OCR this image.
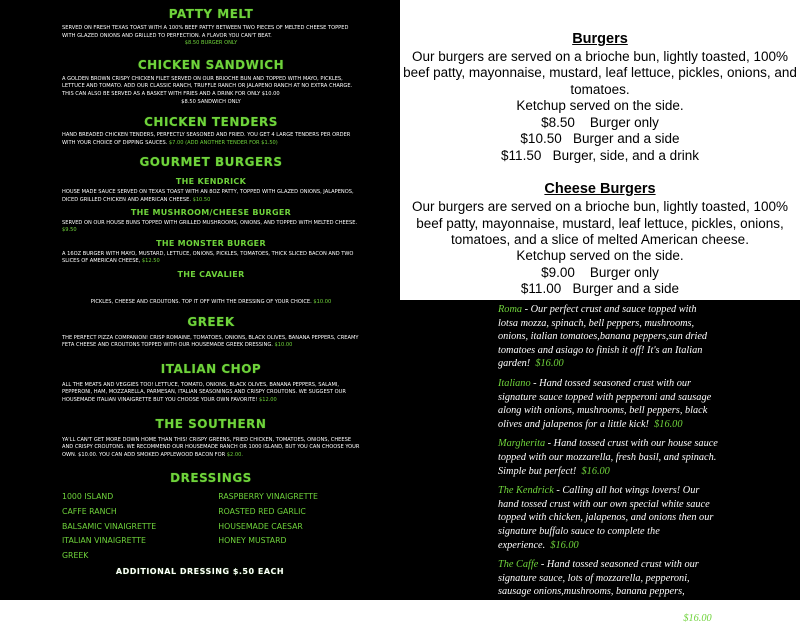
PATTY MELT
SERVED ON FRESH TEXAS TOAST WITH A 100% BEEF PATTY BETWEEN TWO PIECES OF MELTED CHEESE TOPPED WITH GLAZED ONIONS AND GRILLED TO PERFECTION. A FLAVOR YOU CAN'T BEAT.
$8.50 BURGER ONLY
CHICKEN SANDWICH
A GOLDEN BROWN CRISPY CHICKEN FILET SERVED ON OUR BRIOCHE BUN AND TOPPED WITH MAYO, PICKLES, LETTUCE AND TOMATO. ADD OUR CLASSIC RANCH, TRUFFLE RANCH OR JALAPENO RANCH AT NO EXTRA CHARGE. THIS CAN ALSO BE SERVED AS A BASKET WITH FRIES AND A DRINK FOR ONLY $10.00
$8.50 SANDWICH ONLY
CHICKEN TENDERS
HAND BREADED CHICKEN TENDERS, PERFECTLY SEASONED AND FRIED. YOU GET 4 LARGE TENDERS PER ORDER WITH YOUR CHOICE OF DIPPING SAUCES. $7.00 (ADD ANOTHER TENDER FOR $1.50)
GOURMET BURGERS
THE KENDRICK
HOUSE MADE SAUCE SERVED ON TEXAS TOAST WITH AN 8OZ PATTY, TOPPED WITH GLAZED ONIONS, JALAPENOS, DICED GRILLED CHICKEN AND AMERICAN CHEESE. $10.50
THE MUSHROOM/CHEESE BURGER
SERVED ON OUR HOUSE BUNS TOPPED WITH GRILLED MUSHROOMS, ONIONS, AND TOPPED WITH MELTED CHEESE. $9.50
THE MONSTER BURGER
A 16OZ BURGER WITH MAYO, MUSTARD, LETTUCE, ONIONS, PICKLES, TOMATOES, THICK SLICED BACON AND TWO SLICES OF AMERICAN CHEESE, $12.50
THE CAVALIER
Burgers

Our burgers are served on a brioche bun, lightly toasted, 100% beef patty, mayonnaise, mustard, leaf lettuce, pickles, onions, and tomatoes.

Ketchup served on the side.

$8.50 Burger only
$10.50 Burger and a side
$11.50 Burger, side, and a drink
Cheese Burgers

Our burgers are served on a brioche bun, lightly toasted, 100% beef patty, mayonnaise, mustard, leaf lettuce, pickles, onions, tomatoes, and a slice of melted American cheese.

Ketchup served on the side.

$9.00 Burger only
$11.00 Burger and a side
PICKLES, CHEESE AND CROUTONS. TOP IT OFF WITH THE DRESSING OF YOUR CHOICE. $10.00
GREEK
THE PERFECT PIZZA COMPANION! CRISP ROMAINE, TOMATOES, ONIONS, BLACK OLIVES, BANANA PEPPERS, CREAMY FETA CHEESE AND CROUTONS TOPPED WITH OUR HOUSEMADE GREEK DRESSING. $10.00
ITALIAN CHOP
ALL THE MEATS AND VEGGIES TOO! LETTUCE, TOMATO, ONIONS, BLACK OLIVES, BANANA PEPPERS, SALAMI, PEPPERONI, HAM, MOZZARELLA, PARMESAN, ITALIAN SEASONINGS AND CRISPY CROUTONS. WE SUGGEST OUR HOUSEMADE ITALIAN VINAIGRETTE BUT YOU CHOOSE YOUR OWN FAVORITE! $12.00
THE SOUTHERN
YA'LL CAN'T GET MORE DOWN HOME THAN THIS! CRISPY GREENS, FRIED CHICKEN, TOMATOES, ONIONS, CHEESE AND CRISPY CROUTONS. WE RECOMMEND OUR HOUSEMADE RANCH OR 1000 ISLAND, BUT YOU CAN CHOOSE YOUR OWN. $10.00. YOU CAN ADD SMOKED APPLEWOOD BACON FOR $2.00.
DRESSINGS
1000 ISLAND
CAFFE RANCH
BALSAMIC VINAIGRETTE
ITALIAN VINAIGRETTE
GREEK
RASPBERRY VINAIGRETTE
ROASTED RED GARLIC
HOUSEMADE CAESAR
HONEY MUSTARD
ADDITIONAL DRESSING $.50 EACH
Roma - Our perfect crust and sauce topped with lotsa mozza, spinach, bell peppers, mushrooms, onions, italian tomatoes,banana peppers,sun dried tomatoes and asiago to finish it off! It's an Italian garden! $16.00
Italiano - Hand tossed seasoned crust with our signature sauce topped with pepperoni and sausage along with onions, mushrooms, bell peppers, black olives and jalapenos for a little kick! $16.00
Margherita - Hand tossed crust with our house sauce topped with our mozzarella, fresh basil, and spinach. Simple but perfect! $16.00
The Kendrick - Calling all hot wings lovers! Our hand tossed crust with our own special white sauce topped with chicken, jalapenos, and onions then our signature buffalo sauce to complete the experience. $16.00
The Caffe - Hand tossed seasoned crust with our signature sauce, lots of mozzarella, pepperoni, sausage onions,mushrooms, banana peppers, spinach and sun dried tomatoes. We finish it off with a perfect blend of italian herbs. Mama mia! $16.00
